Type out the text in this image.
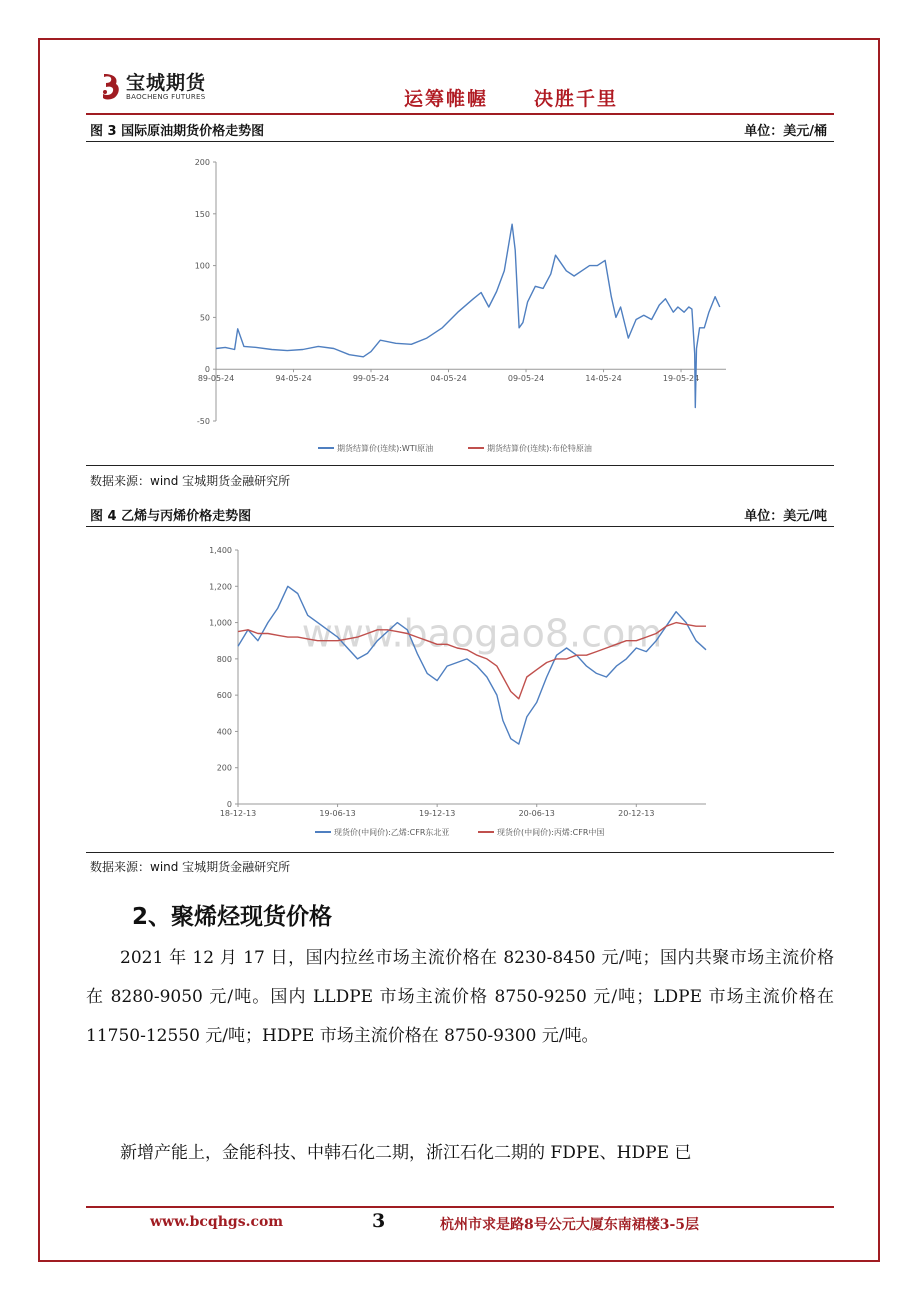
宝城期货
BAOCHENG FUTURES	运筹帷幄 决胜千里
图 3 国际原油期货价格走势图	单位：美元/桶
200
150
100
50
0
-50
89-05-24	94-05-24	99-05-24	04-05-24	09-05-24	14-05-24	19-05-24
期货结算价(连续):WTI原油	期货结算价(连续):布伦特原油
数据来源：wind 宝城期货金融研究所
图 4 乙烯与丙烯价格走势图	单位：美元/吨
www.baogao8.com
1,400
1,200
1,000
800
600
400
200
0
18-12-13	19-06-13	19-12-13	20-06-13	20-12-13
现货价(中间价):乙烯:CFR东北亚	现货价(中间价):丙烯:CFR中国
数据来源：wind 宝城期货金融研究所
2、聚烯烃现货价格

2021 年 12 月 17 日，国内拉丝市场主流价格在 8230-8450 元/吨；国内共聚市场主流价格在 8280-9050 元/吨。国内 LLDPE 市场主流价格 8750-9250 元/吨；LDPE 市场主流价格在 11750-12550 元/吨；HDPE 市场主流价格在 8750-9300 元/吨。

新增产能上，金能科技、中韩石化二期，浙江石化二期的 FDPE、HDPE 已

www.bcqhgs.com	3	杭州市求是路8号公元大厦东南裙楼3-5层
